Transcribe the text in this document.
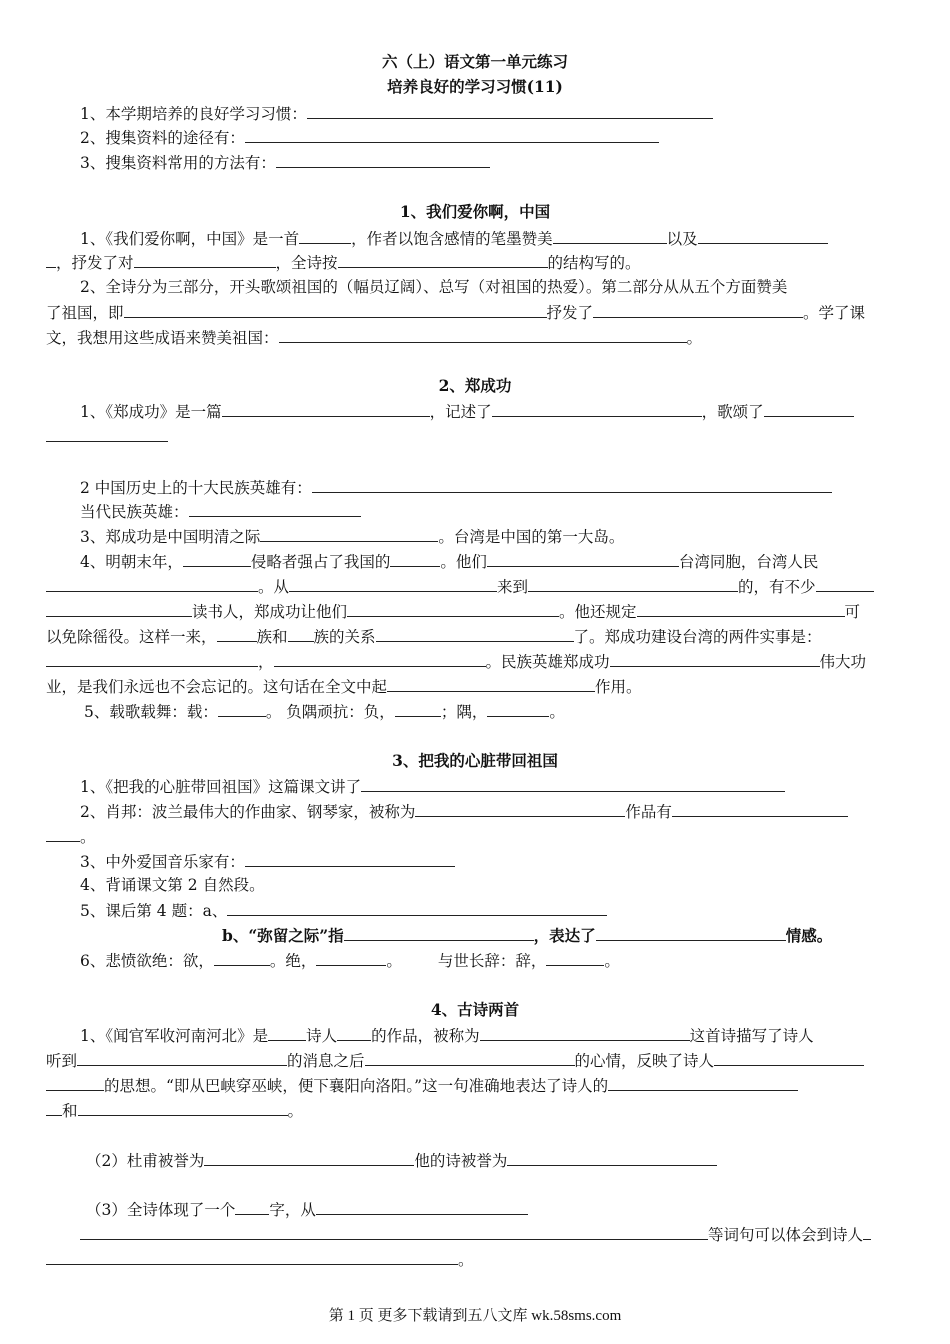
六（上）语文第一单元练习
培养良好的学习习惯(11)
1、本学期培养的良好学习习惯：
2、搜集资料的途径有：
3、搜集资料常用的方法有：
1、我们爱你啊，中国
1、《我们爱你啊，中国》是一首	，作者以饱含感情的笔墨赞美	以及
，抒发了对	，全诗按	的结构写的。
2、全诗分为三部分，开头歌颂祖国的（幅员辽阔）、总写（对祖国的热爱）。第二部分从从五个方面赞美
了祖国，即	抒发了	。学了课
文，我想用这些成语来赞美祖国：	。
2、郑成功
1、《郑成功》是一篇	，记述了	，歌颂了
2 中国历史上的十大民族英雄有：
当代民族英雄：
3、郑成功是中国明清之际	。台湾是中国的第一大岛。
4、明朝末年，	侵略者强占了我国的	。他们	台湾同胞，台湾人民
。从	来到	的，有不少
读书人，郑成功让他们	。他还规定	可
以免除徭役。这样一来，	族和 族的关系	了。郑成功建设台湾的两件实事是：
，	。民族英雄郑成功	伟大功
业，是我们永远也不会忘记的。这句话在全文中起	作用。
5、载歌载舞：载：	。 负隅顽抗：负，	；隅，	。
3、把我的心脏带回祖国
1、《把我的心脏带回祖国》这篇课文讲了
2、肖邦：波兰最伟大的作曲家、钢琴家，被称为	作品有
。
3、中外爱国音乐家有：
4、背诵课文第 2 自然段。
5、课后第 4 题：a、
b、“弥留之际”指	，表达了	情感。
6、悲愤欲绝：欲，	。绝，	。 与世长辞：辞，	。
4、古诗两首
1、《闻官军收河南河北》是 诗人 的作品，被称为	这首诗描写了诗人
听到	的消息之后	的心情，反映了诗人
的思想。“即从巴峡穿巫峡，便下襄阳向洛阳。”这一句准确地表达了诗人的
和	。
（2）杜甫被誉为	他的诗被誉为
（3）全诗体现了一个 字，从
等词句可以体会到诗人
。
第 1 页 更多下载请到五八文库 wk.58sms.com
